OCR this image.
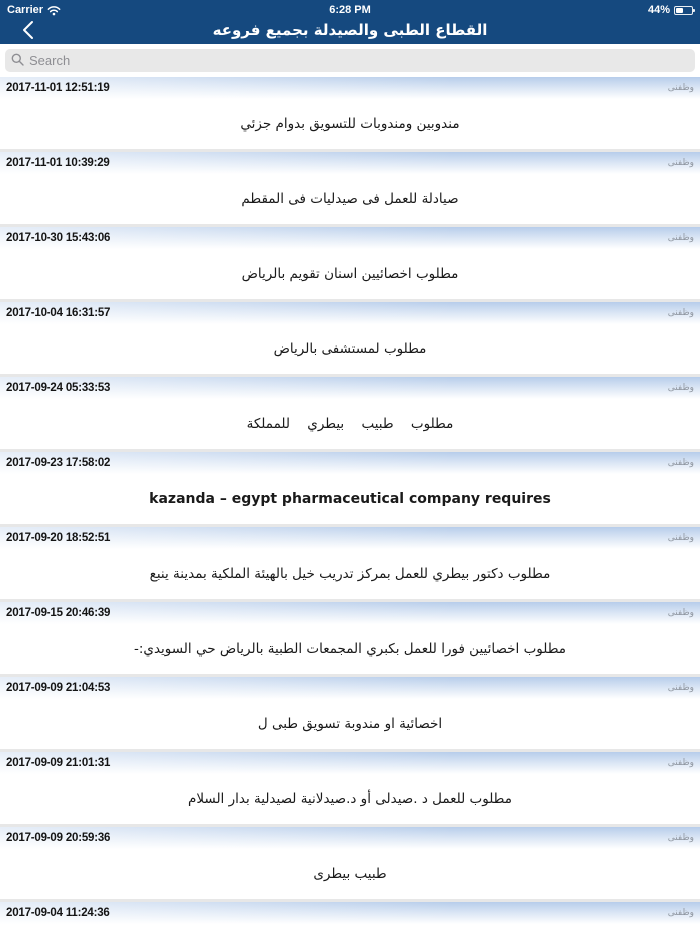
Carrier	6:28 PM	44%
القطاع الطبى والصيدلة بجميع فروعه
Search
2017-11-01 12:51:19	وظفنى
مندوبين ومندوبات للتسويق بدوام جزئي
2017-11-01 10:39:29	وظفنى
صيادلة للعمل فى صيدليات فى المقطم
2017-10-30 15:43:06	وظفنى
مطلوب اخصائيين اسنان تقويم بالرياض
2017-10-04 16:31:57	وظفنى
مطلوب لمستشفى بالرياض
2017-09-24 05:33:53	وظفنى
مطلوب طبيب بيطري للمملكة
2017-09-23 17:58:02	وظفنى
kazanda – egypt pharmaceutical company requires
2017-09-20 18:52:51	وظفنى
مطلوب دكتور بيطري للعمل بمركز تدريب خيل بالهيئة الملكية بمدينة ينبع
2017-09-15 20:46:39	وظفنى
مطلوب اخصائيين فورا للعمل بكبري المجمعات الطبية بالرياض حي السويدي:-
2017-09-09 21:04:53	وظفنى
اخصائية او مندوبة تسويق طبى ل
2017-09-09 21:01:31	وظفنى
مطلوب للعمل د .صيدلى أو د.صيدلانية لصيدلية بدار السلام
2017-09-09 20:59:36	وظفنى
طبيب بيطرى
2017-09-04 11:24:36	وظفنى
